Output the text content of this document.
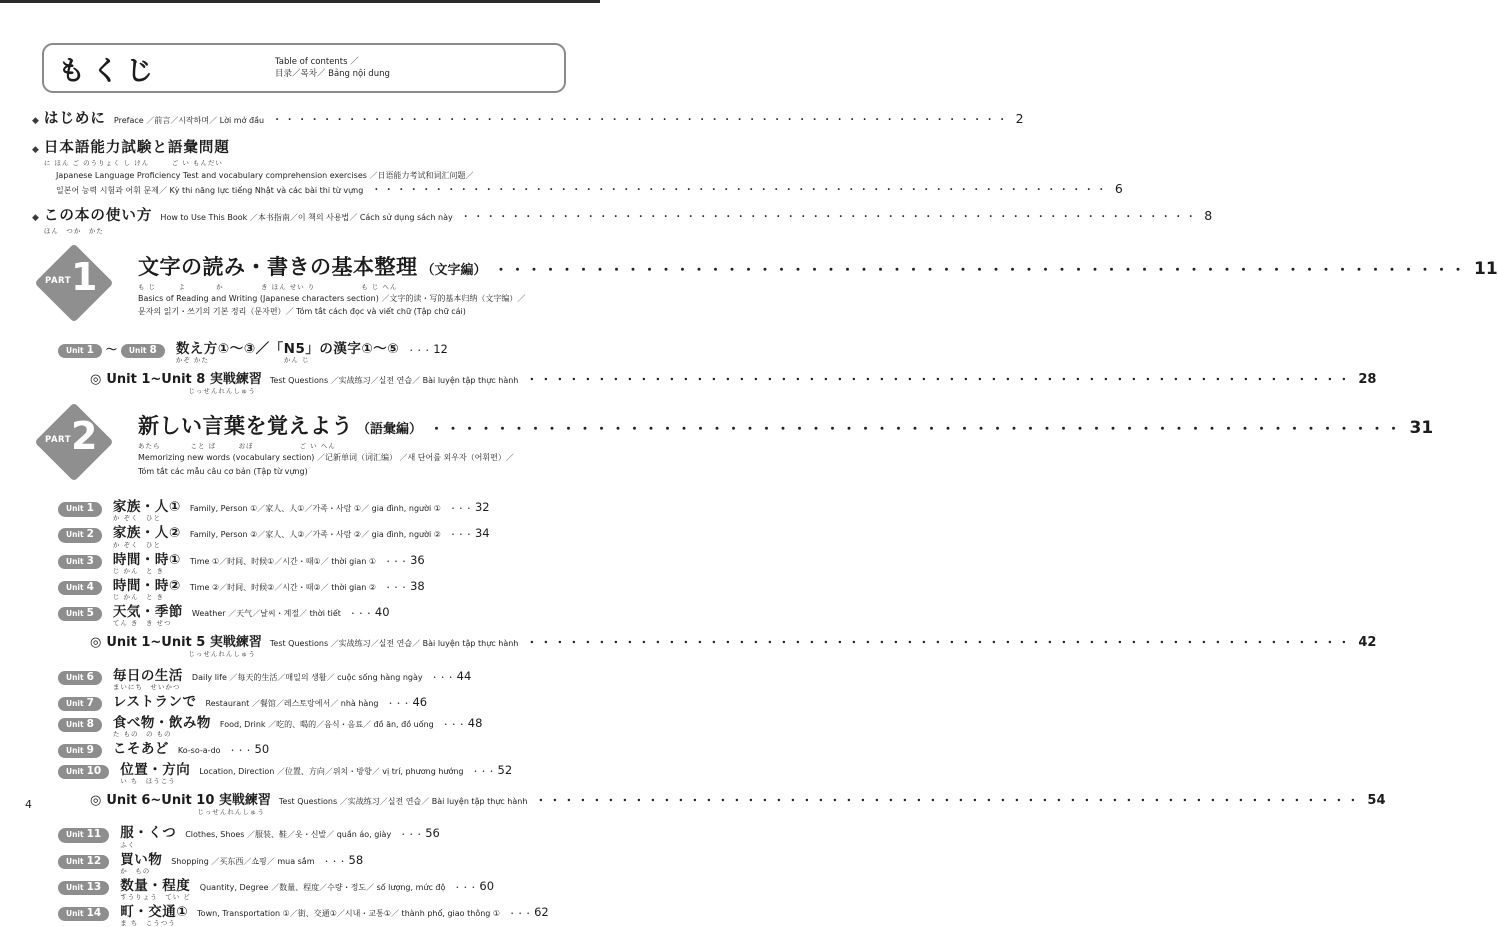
もくじ	Table of contents ／
目录／목차／ Bảng nội dung
◆ はじめに Preface ／前言／시작하며／ Lời mở đầu ・・・・・・・・・・・・・・・・・・・・・・・・・・・・・・・・・・・・・・・・・・・・・・・・・・・・・・・・・・・	2
◆ 日本語能力試験と語彙問題
に ほん ご のうりょく し けん　　　ご い もんだい
Japanese Language Proficiency Test and vocabulary comprehension exercises ／日语能力考试和词汇问题／
일본어 능력 시험과 어휘 문제／ Kỳ thi năng lực tiếng Nhật và các bài thi từ vựng ・・・・・・・・・・・・・・・・・・・・・・・・・・・・・・・・・・・・・・・・・・・・・・・・・・・・・・・・・・・	6
◆ この本の使い方
ほん　つか　かた
How to Use This Book ／本书指南／이 책의 사용법／ Cách sử dụng sách này ・・・・・・・・・・・・・・・・・・・・・・・・・・・・・・・・・・・・・・・・・・・・・・・・・・・・・・・・・・・	8
PART 1 文字の読み・書きの基本整理 （文字編） ・・・・・・・・・・・・・・・・・・・・・・・・・・・・・・・・・・・・・・・・・・・・・・・・・・・・・・・・・・・	11
も じ　　　よ　　　　か　　　　　き ほん せい り	も じ へん
Basics of Reading and Writing (Japanese characters section) ／文字的读・写的基本归纳（文字编）／
문자의 읽기・쓰기의 기본 정리（문자편）／ Tóm tắt cách đọc và viết chữ (Tập chữ cái)
Unit 1 〜 Unit 8 数え方①〜③／「N5」の漢字①〜⑤
かぞ かた　　　　　　　　　　かん じ
・・・ 12
◎ Unit 1~Unit 8 実戦練習
じっせんれんしゅう
Test Questions ／实战练习／실전 연습／ Bài luyện tập thực hành ・・・・・・・・・・・・・・・・・・・・・・・・・・・・・・・・・・・・・・・・・・・・・・・・・・・・・・・・・・・	28
PART 2 新しい言葉を覚えよう （語彙編） ・・・・・・・・・・・・・・・・・・・・・・・・・・・・・・・・・・・・・・・・・・・・・・・・・・・・・・・・・・・	31
あたら　　　　こと ば　　　おぼ	ご い へん
Memorizing new words (vocabulary section) ／记新单词（词汇编） ／새 단어를 외우자（어휘편）／
Tóm tắt các mẫu câu cơ bản (Tập từ vựng)
Unit 1 家族・人①
か ぞく　ひと
Family, Person ①／家人、人①／가족・사람 ①／ gia đình, người ① ・・・ 32
Unit 2 家族・人②
か ぞく　ひと
Family, Person ②／家人、人②／가족・사람 ②／ gia đình, người ② ・・・ 34
Unit 3 時間・時①
じ かん　と き
Time ①／时间、时候①／시간・때①／ thời gian ① ・・・ 36
Unit 4 時間・時②
じ かん　と き
Time ②／时间、时候②／시간・때②／ thời gian ② ・・・ 38
Unit 5 天気・季節
てん き　き せつ
Weather ／天气／날씨・계절／ thời tiết ・・・ 40
◎ Unit 1~Unit 5 実戦練習
じっせんれんしゅう
Test Questions ／实战练习／실전 연습／ Bài luyện tập thực hành ・・・・・・・・・・・・・・・・・・・・・・・・・・・・・・・・・・・・・・・・・・・・・・・・・・・・・・・・・・・	42
Unit 6 毎日の生活
まいにち　せいかつ
Daily life ／每天的生活／매일의 생활／ cuộc sống hàng ngày ・・・ 44
Unit 7 レストランで Restaurant ／餐馆／레스토랑에서／ nhà hàng ・・・ 46
Unit 8 食べ物・飲み物
た もの　の もの
Food, Drink ／吃的、喝的／음식・음료／ đồ ăn, đồ uống ・・・ 48
Unit 9 こそあど Ko-so-a-do ・・・ 50
Unit 10 位置・方向
い ち　ほうこう
Location, Direction ／位置、方向／위치・방향／ vị trí, phương hướng ・・・ 52
◎ Unit 6~Unit 10 実戦練習
じっせんれんしゅう
Test Questions ／实战练习／실전 연습／ Bài luyện tập thực hành ・・・・・・・・・・・・・・・・・・・・・・・・・・・・・・・・・・・・・・・・・・・・・・・・・・・・・・・・・・・	54
Unit 11 服・くつ
ふく
Clothes, Shoes ／服装、鞋／옷・신발／ quần áo, giày ・・・ 56
Unit 12 買い物
か　もの
Shopping ／买东西／쇼핑／ mua sắm ・・・ 58
Unit 13 数量・程度
すうりょう　てい ど
Quantity, Degree ／数量、程度／수량・정도／ số lượng, mức độ ・・・ 60
Unit 14 町・交通①
ま ち　こうつう
Town, Transportation ①／街、交通①／시내・교통①／ thành phố, giao thông ① ・・・ 62
4
